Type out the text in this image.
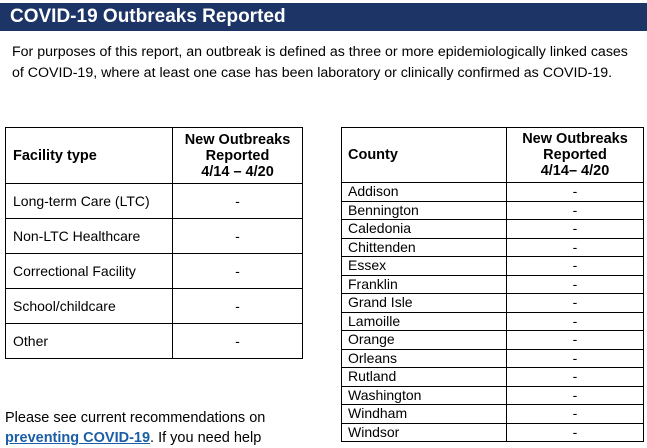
COVID-19 Outbreaks Reported
For purposes of this report, an outbreak is defined as three or more epidemiologically linked cases of COVID-19, where at least one case has been laboratory or clinically confirmed as COVID-19.
Facility type	New Outbreaks
Reported
4/14 – 4/20

Long-term Care (LTC)	-
Non-LTC Healthcare	-
Correctional Facility	-
School/childcare	-
Other	-
County	New Outbreaks
Reported
4/14– 4/20

Addison	-
Bennington	-
Caledonia	-
Chittenden	-
Essex	-
Franklin	-
Grand Isle	-
Lamoille	-
Orange	-
Orleans	-
Rutland	-
Washington	-
Windham	-
Windsor	-
Please see current recommendations on
preventing COVID-19. If you need help
